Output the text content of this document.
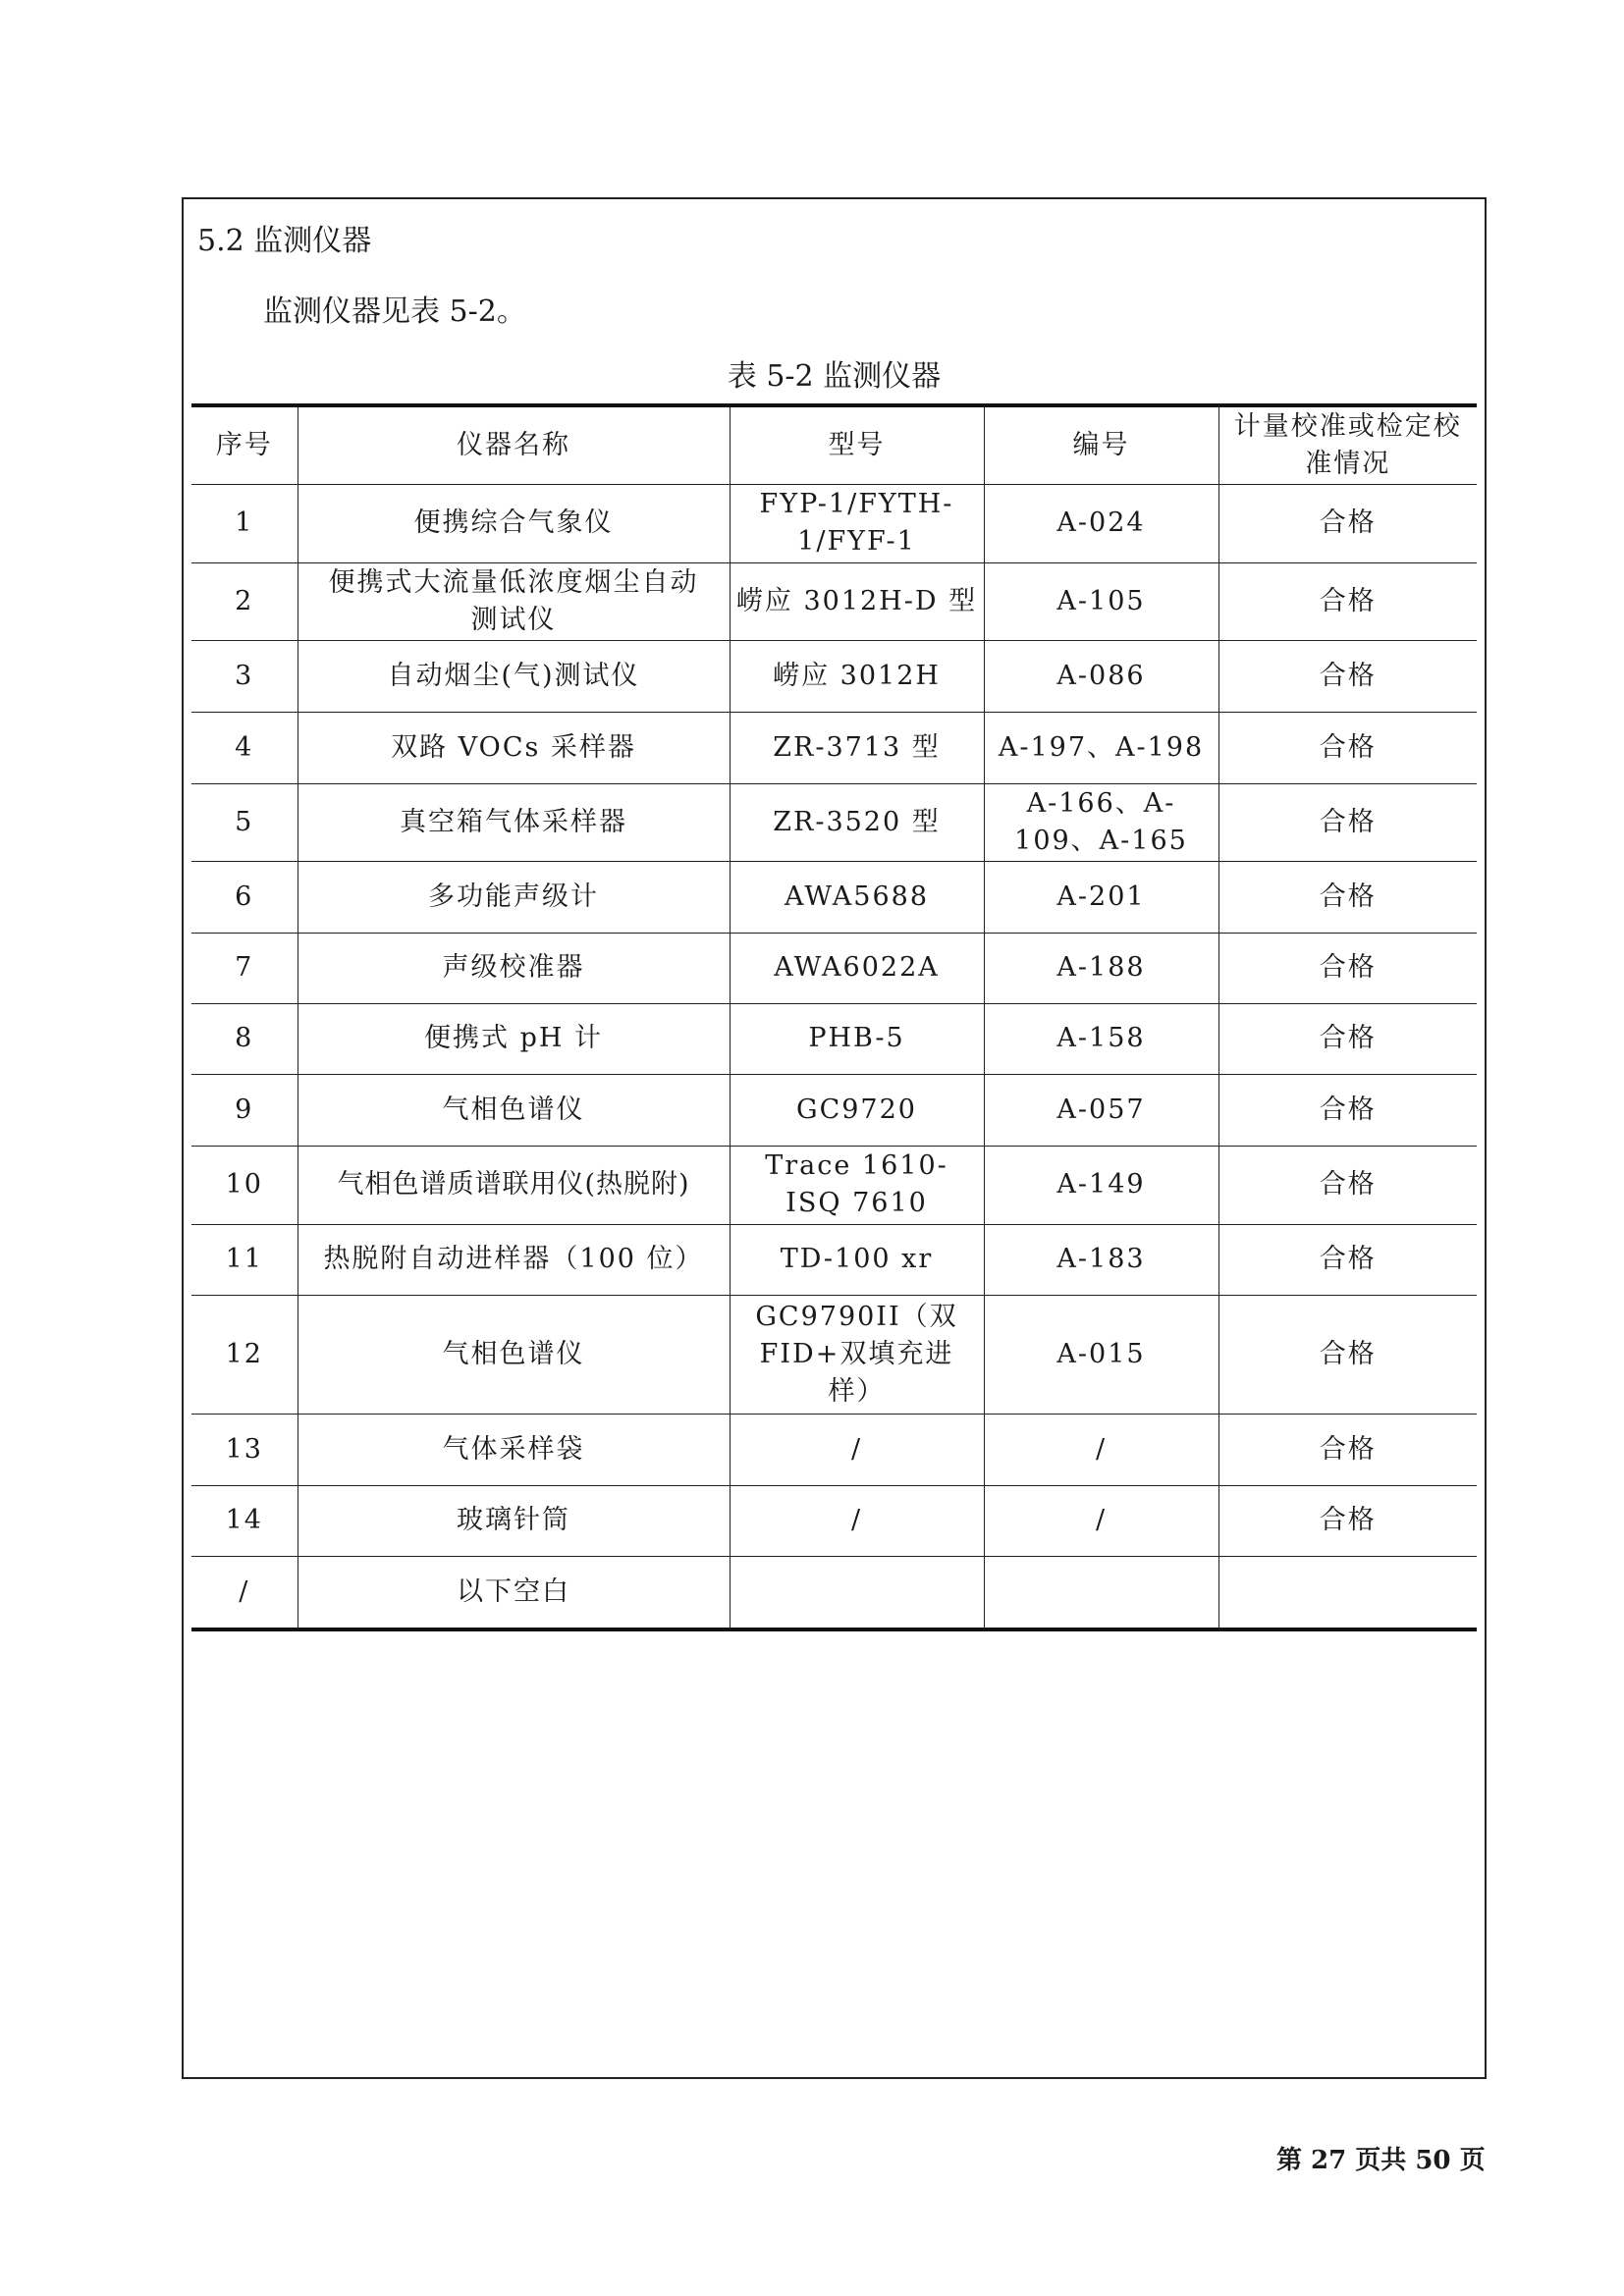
5.2 监测仪器
监测仪器见表 5-2。
表 5-2 监测仪器
序号	仪器名称	型号	编号	计量校准或检定校准情况
1	便携综合气象仪	FYP-1/FYTH-1/FYF-1	A-024	合格
2	便携式大流量低浓度烟尘自动测试仪	崂应 3012H-D 型	A-105	合格
3	自动烟尘(气)测试仪	崂应 3012H	A-086	合格
4	双路 VOCs 采样器	ZR-3713 型	A-197、A-198	合格
5	真空箱气体采样器	ZR-3520 型	A-166、A-109、A-165	合格
6	多功能声级计	AWA5688	A-201	合格
7	声级校准器	AWA6022A	A-188	合格
8	便携式 pH 计	PHB-5	A-158	合格
9	气相色谱仪	GC9720	A-057	合格
10	气相色谱质谱联用仪(热脱附)	Trace 1610-ISQ 7610	A-149	合格
11	热脱附自动进样器（100 位）	TD-100 xr	A-183	合格
12	气相色谱仪	GC9790II（双 FID+双填充进样）	A-015	合格
13	气体采样袋	/	/	合格
14	玻璃针筒	/	/	合格
/	以下空白			
第 27 页共 50 页
